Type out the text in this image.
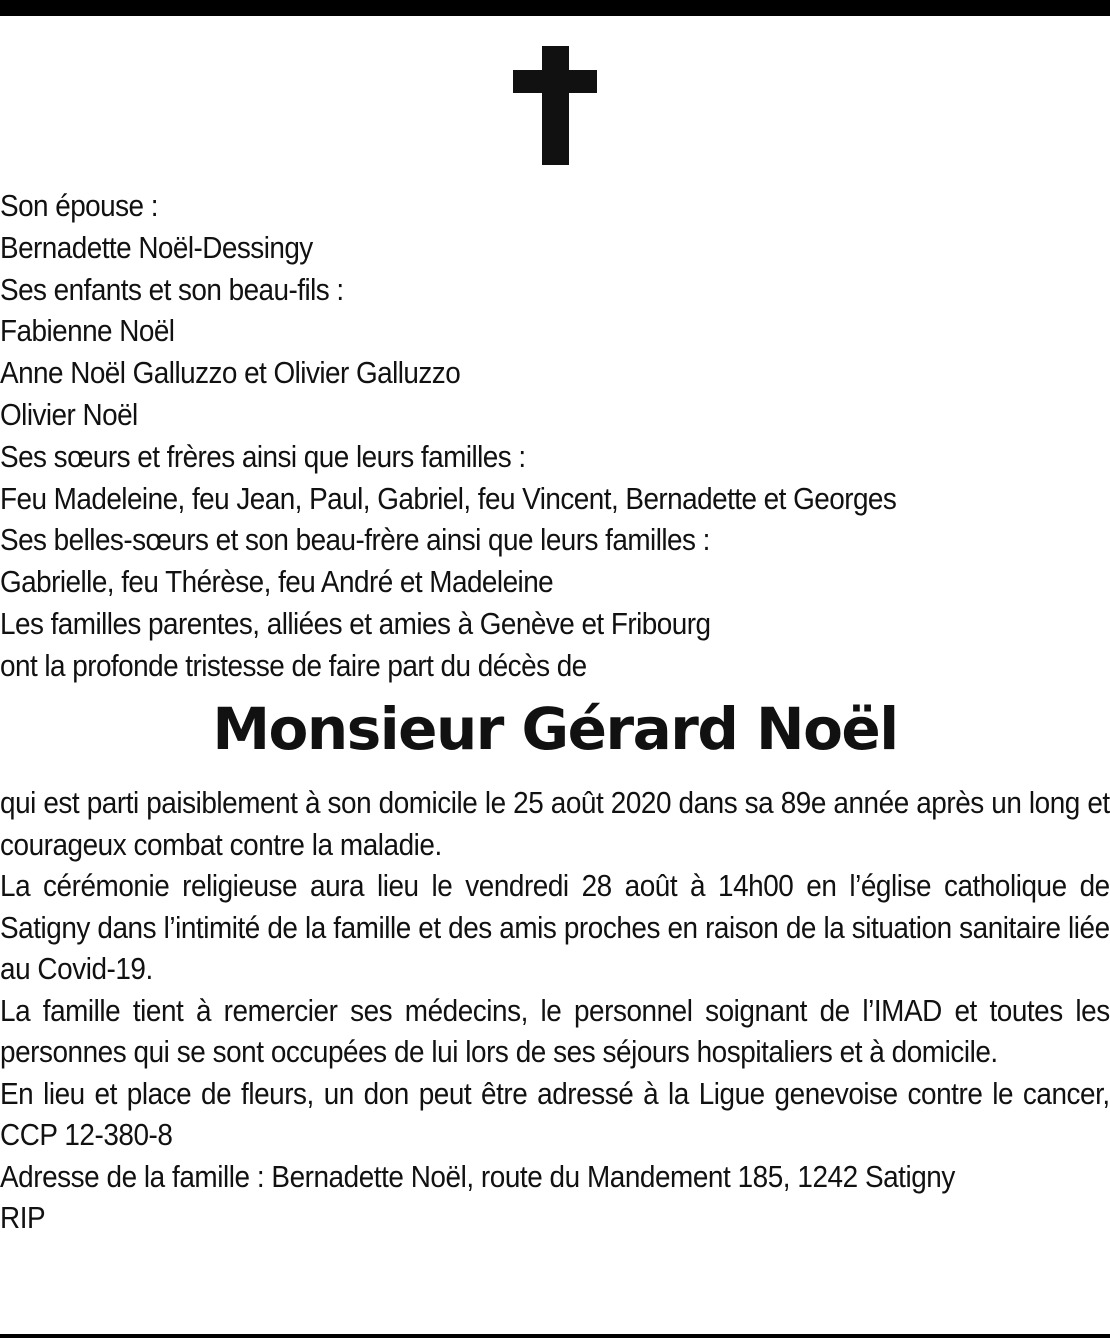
Son épouse :
Bernadette Noël-Dessingy
Ses enfants et son beau-fils :
Fabienne Noël
Anne Noël Galluzzo et Olivier Galluzzo
Olivier Noël
Ses sœurs et frères ainsi que leurs familles :
Feu Madeleine, feu Jean, Paul, Gabriel, feu Vincent, Bernadette et Georges
Ses belles-sœurs et son beau-frère ainsi que leurs familles :
Gabrielle, feu Thérèse, feu André et Madeleine
Les familles parentes, alliées et amies à Genève et Fribourg
ont la profonde tristesse de faire part du décès de
Monsieur Gérard Noël

qui est parti paisiblement à son domicile le 25 août 2020 dans sa 89e année après un long et courageux combat contre la maladie.

La cérémonie religieuse aura lieu le vendredi 28 août à 14h00 en l’église catholique de Satigny dans l’intimité de la famille et des amis proches en raison de la situation sanitaire liée au Covid-19.

La famille tient à remercier ses médecins, le personnel soignant de l’IMAD et toutes les personnes qui se sont occupées de lui lors de ses séjours hospitaliers et à domicile.

En lieu et place de fleurs, un don peut être adressé à la Ligue genevoise contre le cancer, CCP 12-380-8

Adresse de la famille : Bernadette Noël, route du Mandement 185, 1242 Satigny

RIP
